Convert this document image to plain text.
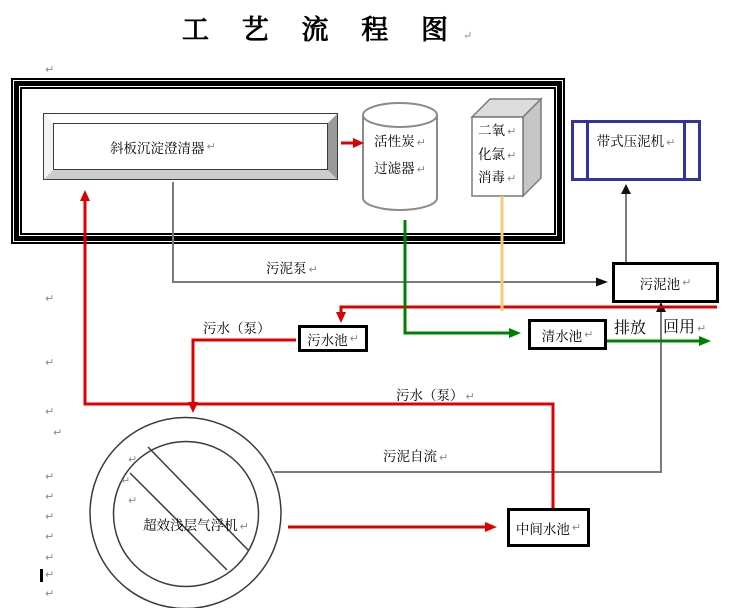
工 艺 流 程 图 ↵
斜板沉淀澄清器 ↵	活性炭 ↵
过滤器 ↵
二氧 ↵
化氯 ↵
消毒 ↵
带式压泥机 ↵
污泥池 ↵
污水池 ↵	清水池 ↵
中间水池 ↵
超效浅层气浮机 ↵
污泥泵 ↵
污水（泵）
污水（泵） ↵
污泥自流 ↵
排放 回用 ↵
↵
↵
↵
↵
↵
↵
↵
↵
↵
↵
↵
↵
↵
↵
↵
